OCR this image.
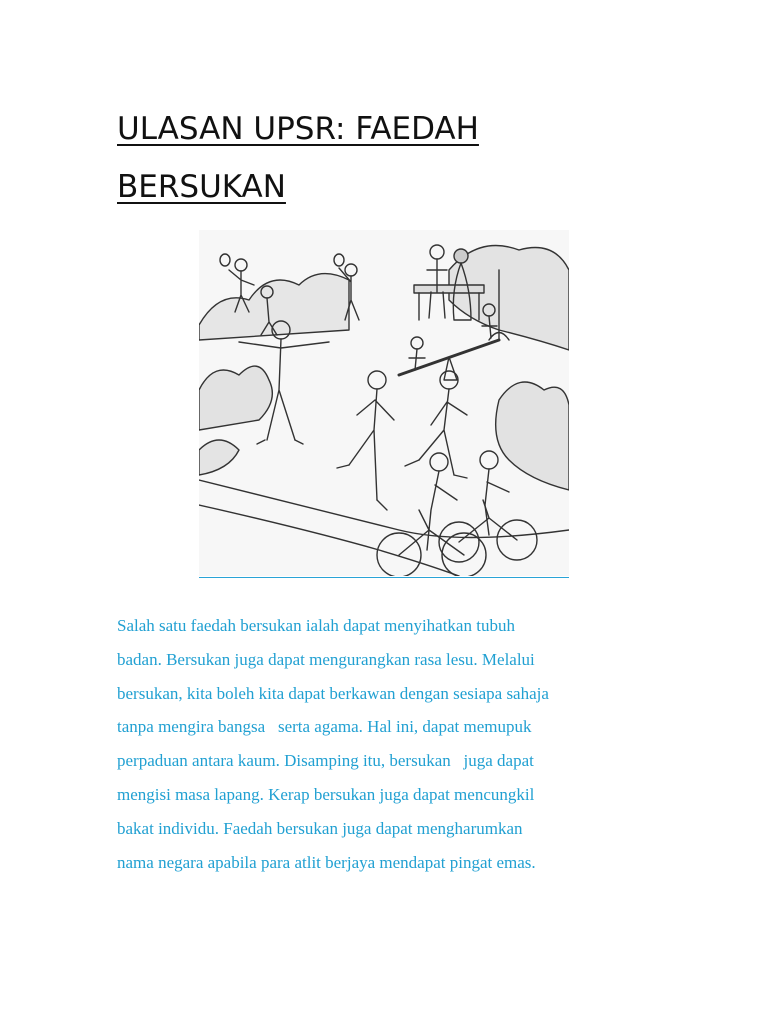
ULASAN UPSR: FAEDAH
BERSUKAN
Salah satu faedah bersukan ialah dapat menyihatkan tubuh
badan. Bersukan juga dapat mengurangkan rasa lesu. Melalui
bersukan, kita boleh kita dapat berkawan dengan sesiapa sahaja
tanpa mengira bangsa   serta agama. Hal ini, dapat memupuk
perpaduan antara kaum. Disamping itu, bersukan   juga dapat
mengisi masa lapang. Kerap bersukan juga dapat mencungkil
bakat individu. Faedah bersukan juga dapat mengharumkan
nama negara apabila para atlit berjaya mendapat pingat emas.
